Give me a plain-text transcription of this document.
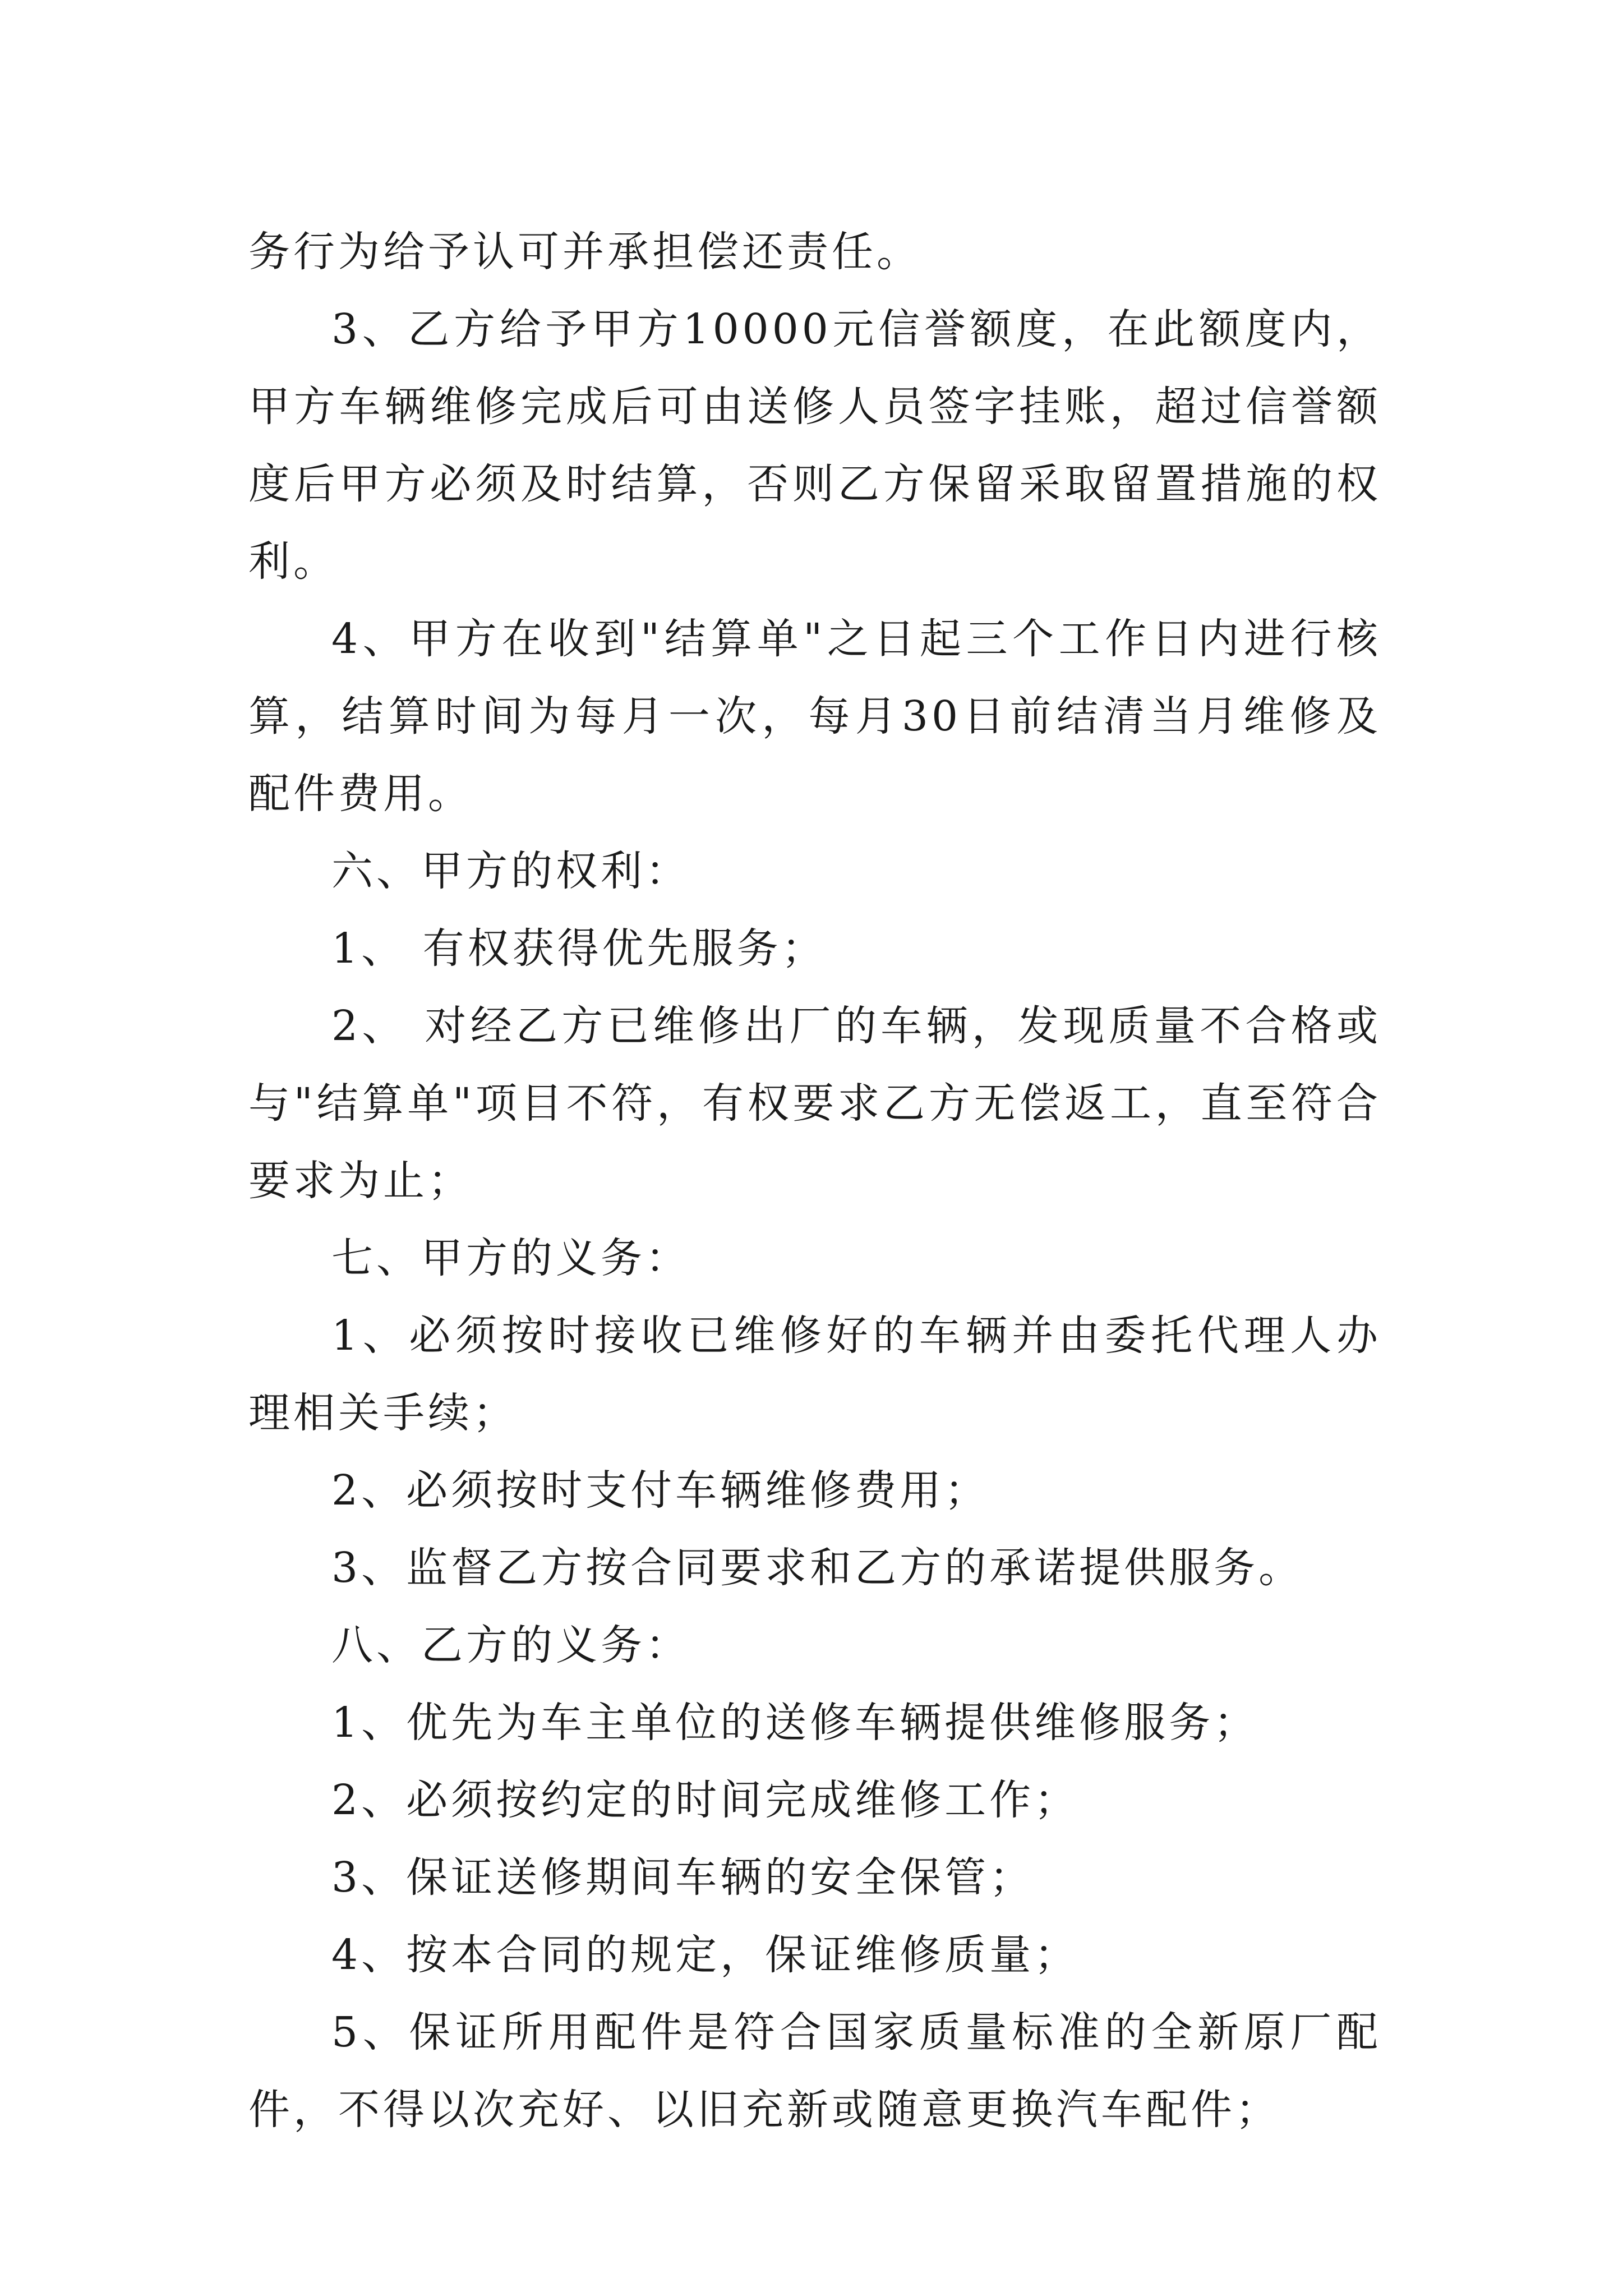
务行为给予认可并承担偿还责任。

3、乙方给予甲方10000元信誉额度，在此额度内，甲方车辆维修完成后可由送修人员签字挂账，超过信誉额度后甲方必须及时结算，否则乙方保留采取留置措施的权利。

4、甲方在收到"结算单"之日起三个工作日内进行核算，结算时间为每月一次，每月30日前结清当月维修及配件费用。

六、甲方的权利：

1、 有权获得优先服务；

2、 对经乙方已维修出厂的车辆，发现质量不合格或与"结算单"项目不符，有权要求乙方无偿返工，直至符合要求为止；

七、甲方的义务：

1、必须按时接收已维修好的车辆并由委托代理人办理相关手续；

2、必须按时支付车辆维修费用；

3、监督乙方按合同要求和乙方的承诺提供服务。

八、乙方的义务：

1、优先为车主单位的送修车辆提供维修服务；

2、必须按约定的时间完成维修工作；

3、保证送修期间车辆的安全保管；

4、按本合同的规定，保证维修质量；

5、保证所用配件是符合国家质量标准的全新原厂配件，不得以次充好、以旧充新或随意更换汽车配件；
